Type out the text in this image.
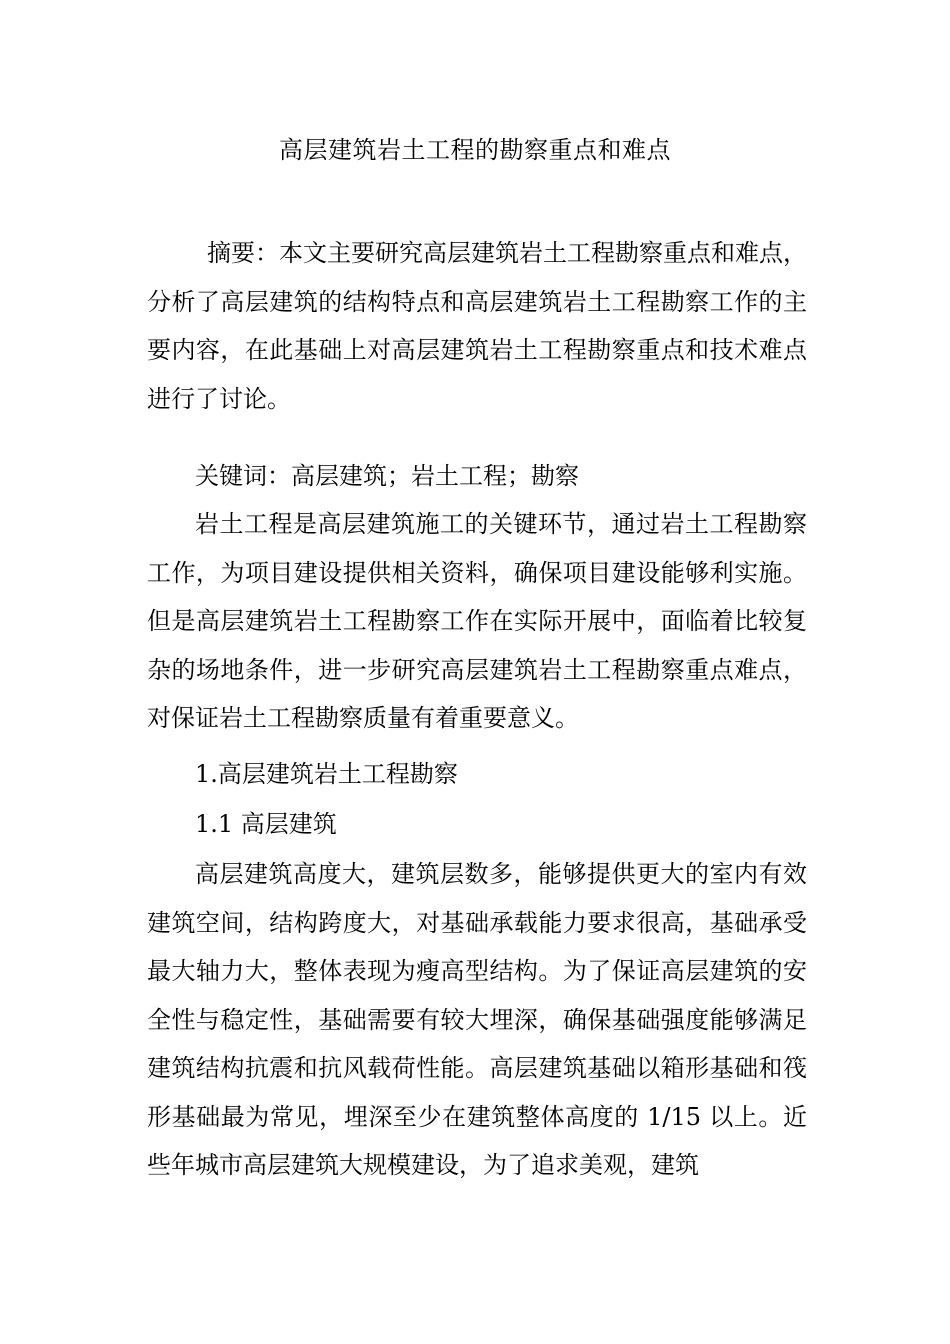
高层建筑岩土工程的勘察重点和难点

摘要：本文主要研究高层建筑岩土工程勘察重点和难点，分析了高层建筑的结构特点和高层建筑岩土工程勘察工作的主要内容，在此基础上对高层建筑岩土工程勘察重点和技术难点进行了讨论。

关键词：高层建筑；岩土工程；勘察

岩土工程是高层建筑施工的关键环节，通过岩土工程勘察工作，为项目建设提供相关资料，确保项目建设能够利实施。但是高层建筑岩土工程勘察工作在实际开展中，面临着比较复杂的场地条件，进一步研究高层建筑岩土工程勘察重点难点，对保证岩土工程勘察质量有着重要意义。

1.高层建筑岩土工程勘察

1.1 高层建筑

高层建筑高度大，建筑层数多，能够提供更大的室内有效建筑空间，结构跨度大，对基础承载能力要求很高，基础承受最大轴力大，整体表现为瘦高型结构。为了保证高层建筑的安全性与稳定性，基础需要有较大埋深，确保基础强度能够满足建筑结构抗震和抗风载荷性能。高层建筑基础以箱形基础和筏形基础最为常见，埋深至少在建筑整体高度的 1/15 以上。近些年城市高层建筑大规模建设，为了追求美观，建筑
